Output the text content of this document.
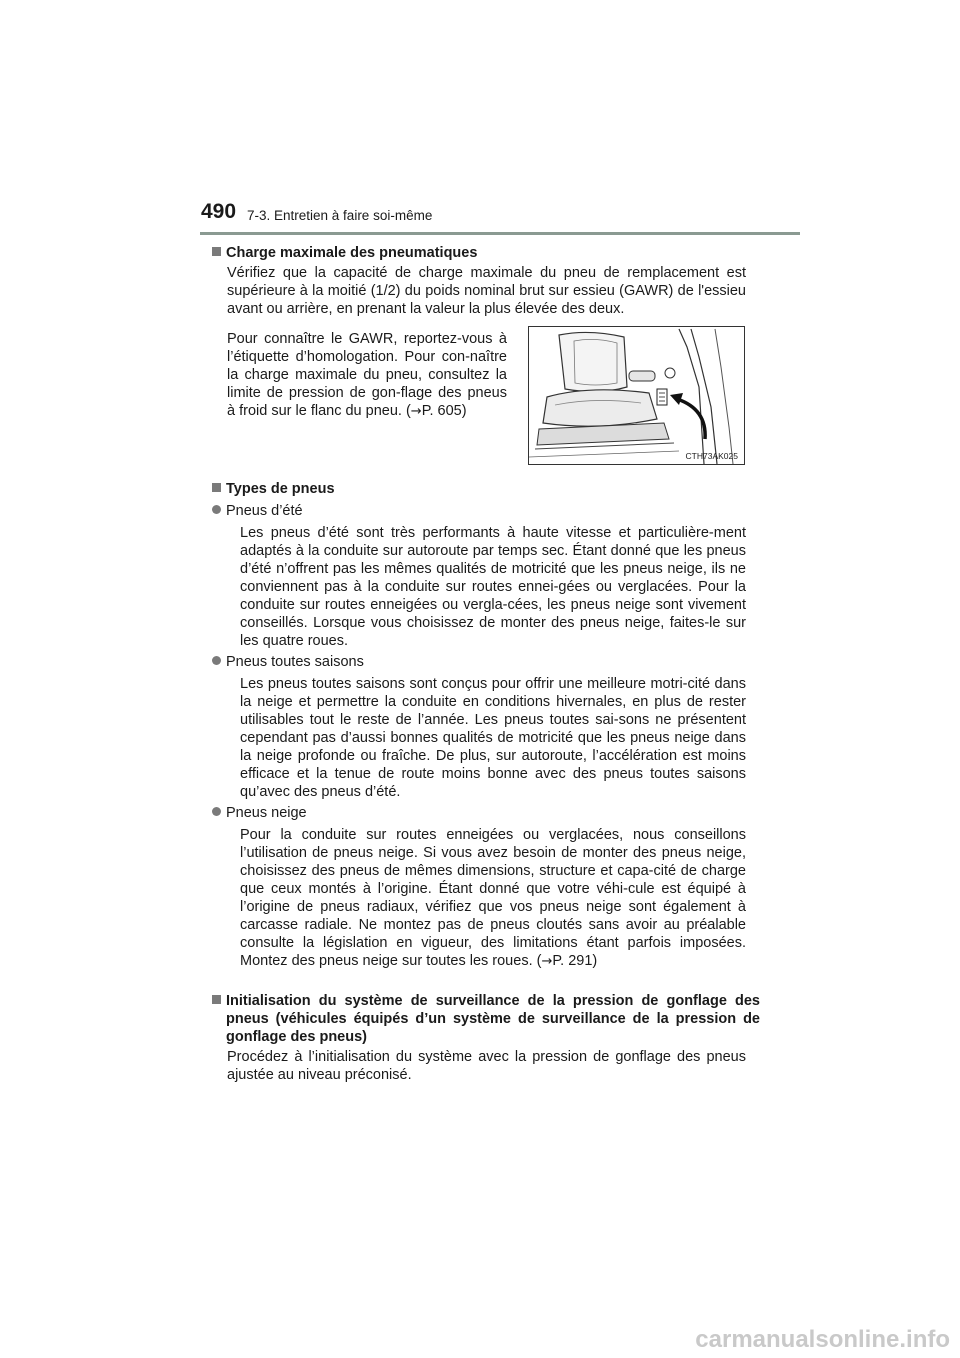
490 7-3. Entretien à faire soi-même
Charge maximale des pneumatiques
Vérifiez que la capacité de charge maximale du pneu de remplacement est supérieure à la moitié (1/2) du poids nominal brut sur essieu (GAWR) de l'essieu avant ou arrière, en prenant la valeur la plus élevée des deux.
Pour connaître le GAWR, reportez-vous à l’étiquette d’homologation. Pour con-naître la charge maximale du pneu, consultez la limite de pression de gon-flage des pneus à froid sur le flanc du pneu. (→P. 605)
CTH73AK025
Types de pneus
Pneus d’été
Les pneus d’été sont très performants à haute vitesse et particulière-ment adaptés à la conduite sur autoroute par temps sec. Étant donné que les pneus d’été n’offrent pas les mêmes qualités de motricité que les pneus neige, ils ne conviennent pas à la conduite sur routes ennei-gées ou verglacées. Pour la conduite sur routes enneigées ou vergla-cées, les pneus neige sont vivement conseillés. Lorsque vous choisissez de monter des pneus neige, faites-le sur les quatre roues.
Pneus toutes saisons
Les pneus toutes saisons sont conçus pour offrir une meilleure motri-cité dans la neige et permettre la conduite en conditions hivernales, en plus de rester utilisables tout le reste de l’année. Les pneus toutes sai-sons ne présentent cependant pas d’aussi bonnes qualités de motricité que les pneus neige dans la neige profonde ou fraîche. De plus, sur autoroute, l’accélération est moins efficace et la tenue de route moins bonne avec des pneus toutes saisons qu’avec des pneus d’été.
Pneus neige
Pour la conduite sur routes enneigées ou verglacées, nous conseillons l’utilisation de pneus neige. Si vous avez besoin de monter des pneus neige, choisissez des pneus de mêmes dimensions, structure et capa-cité de charge que ceux montés à l’origine. Étant donné que votre véhi-cule est équipé à l’origine de pneus radiaux, vérifiez que vos pneus neige sont également à carcasse radiale. Ne montez pas de pneus cloutés sans avoir au préalable consulte la législation en vigueur, des limitations étant parfois imposées. Montez des pneus neige sur toutes les roues. (→P. 291)
Initialisation du système de surveillance de la pression de gonflage des pneus (véhicules équipés d’un système de surveillance de la pression de gonflage des pneus)
Procédez à l’initialisation du système avec la pression de gonflage des pneus ajustée au niveau préconisé.
carmanualsonline.info
